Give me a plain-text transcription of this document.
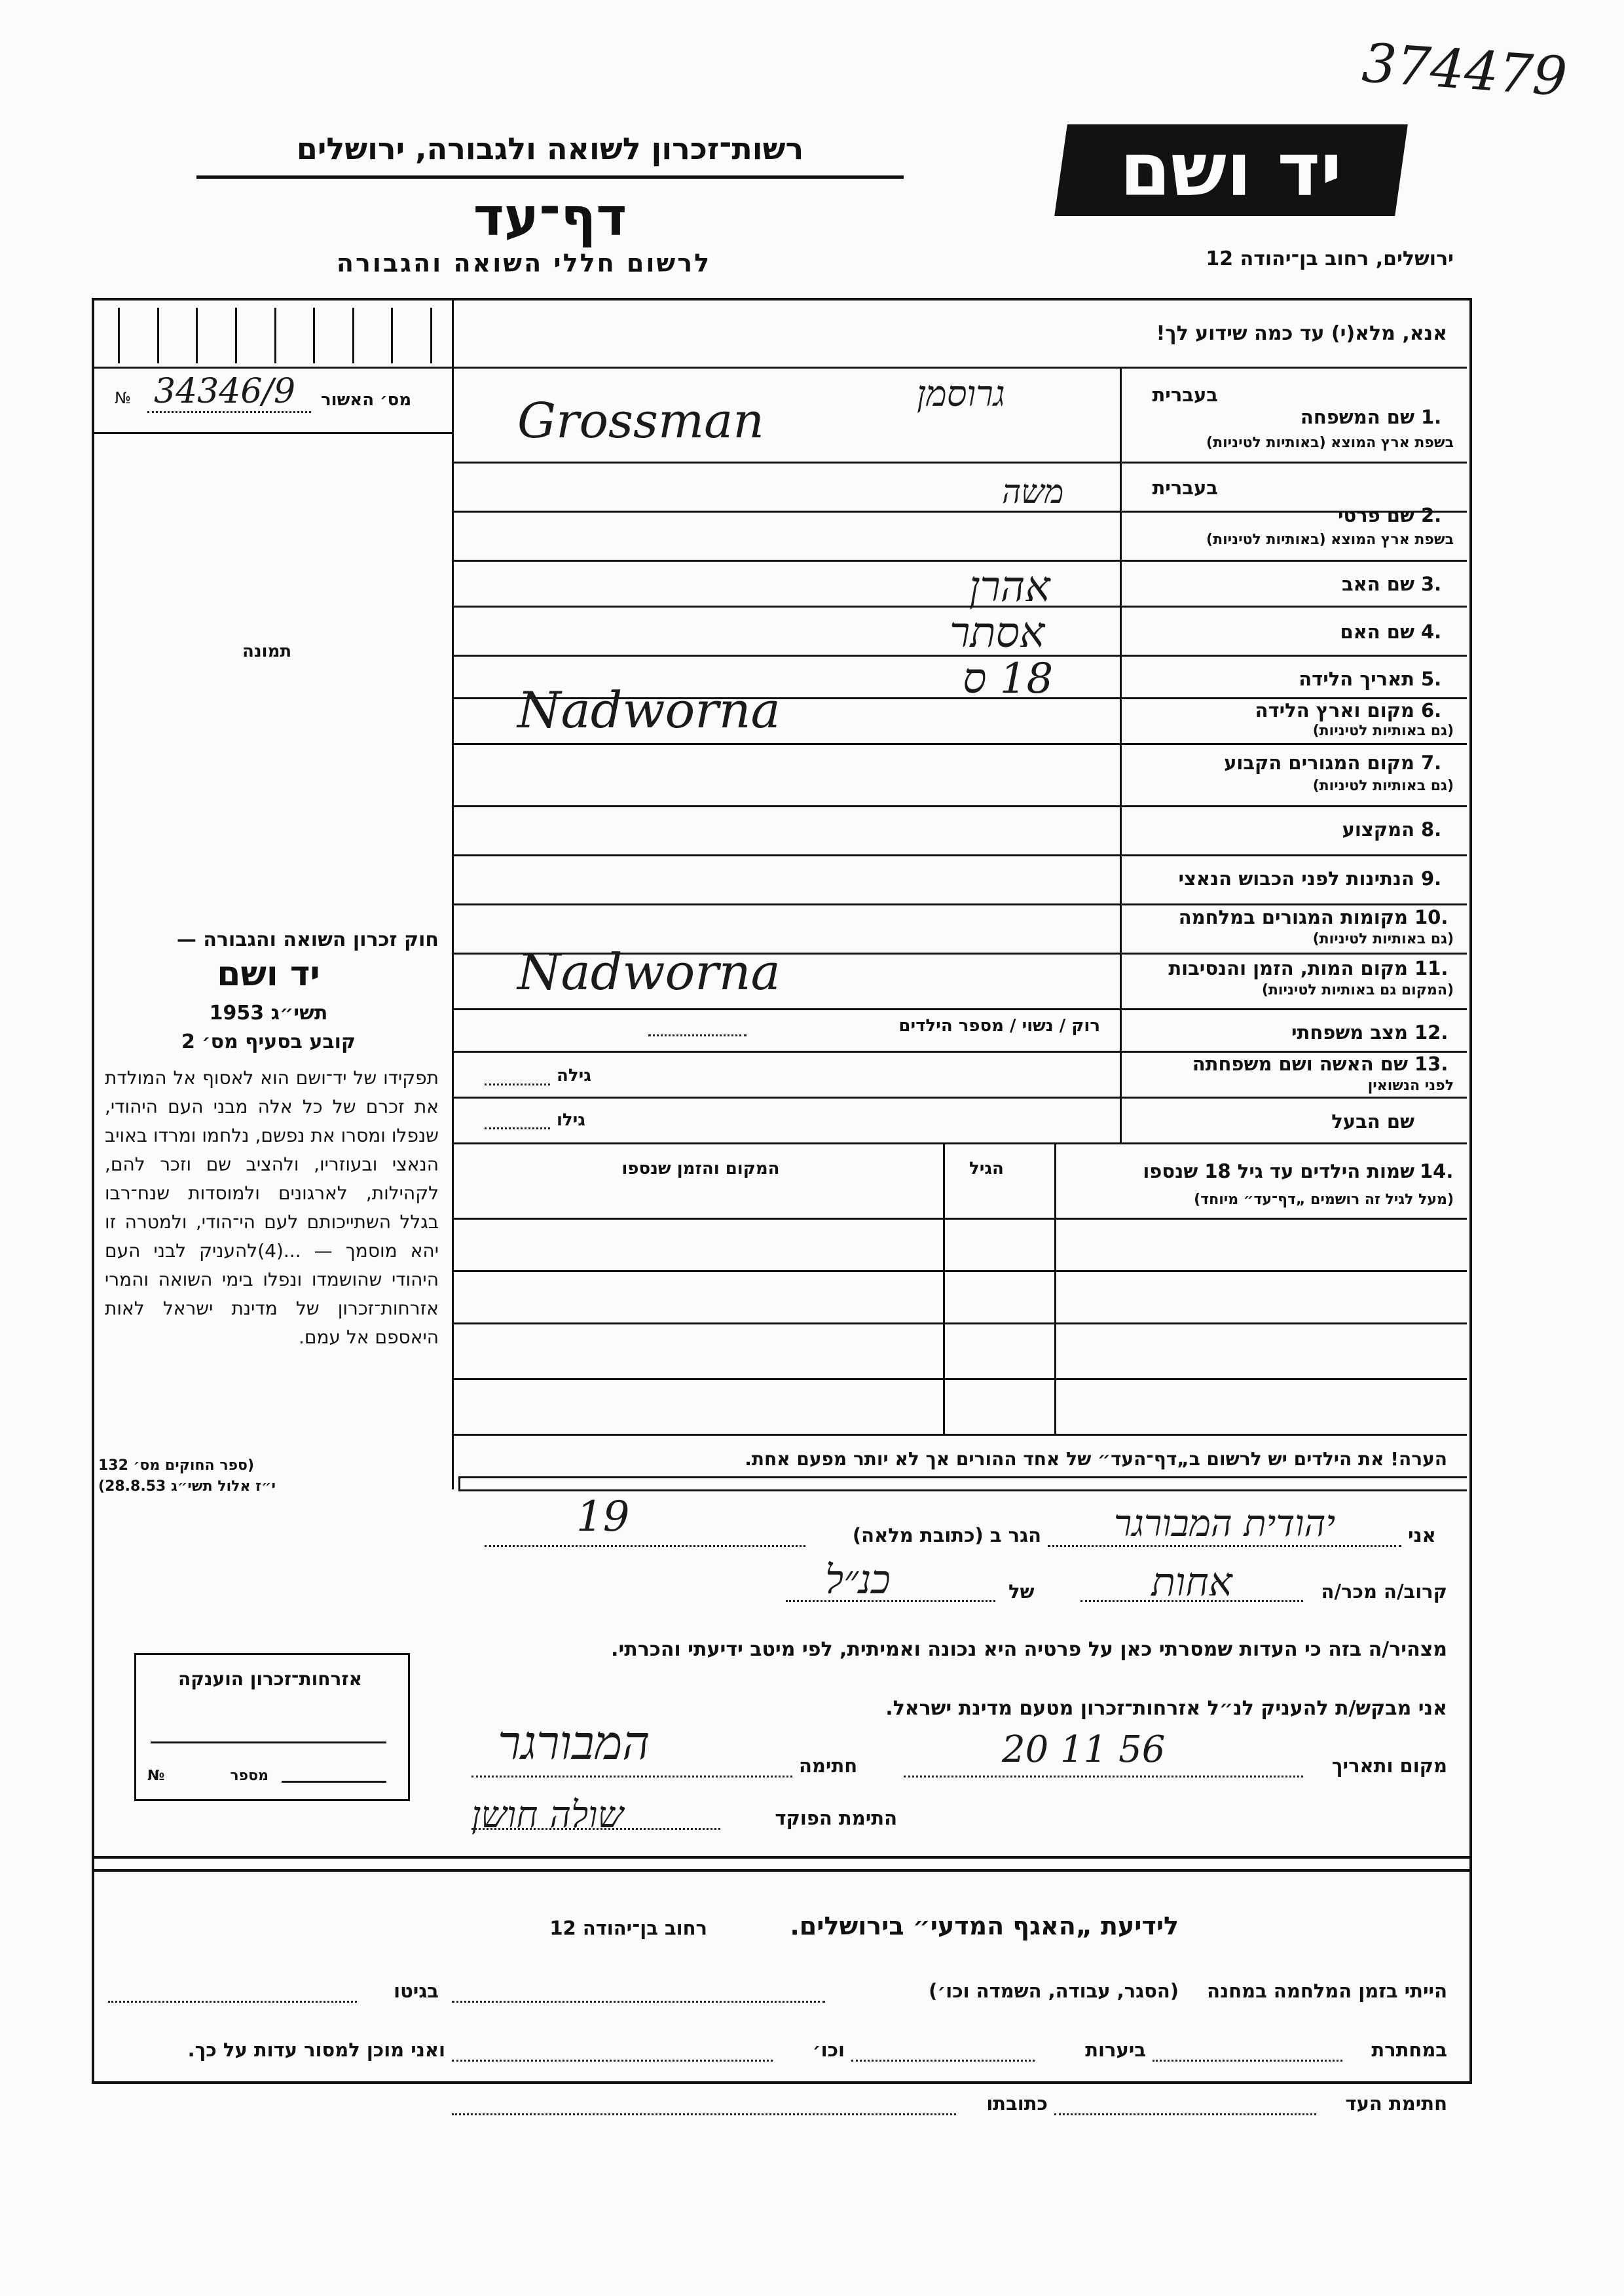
374479
יד ושם
רשות־זכרון לשואה ולגבורה, ירושלים
דף־עד
לרשום חללי השואה והגבורה	ירושלים, רחוב בן־יהודה 12
אנא, מלא(י) עד כמה שידוע לך!
№ 34346/9 מס׳ האשור
תמונה
בעברית
1.
שם המשפחה
בשפת ארץ המוצא (באותיות לטיניות)
גרוסמן
Grossman
בעברית
2.
שם פרטי
בשפת ארץ המוצא (באותיות לטיניות)
משה
3.
שם האב
אהרן
4.
שם האם
אסתר
5.
תאריך הלידה
18 ס
6.
מקום וארץ הלידה
(גם באותיות לטיניות)
Nadworna
7.
מקום המגורים הקבוע
(גם באותיות לטיניות)
8.
המקצוע
9.
הנתינות לפני הכבוש הנאצי
10.
מקומות המגורים במלחמה
(גם באותיות לטיניות)
11.
מקום המות, הזמן והנסיבות
(המקום גם באותיות לטיניות)
Nadworna
12.
מצב משפחתי
רוק / נשוי / מספר הילדים
13.
שם האשה ושם משפחתה
לפני הנשואין
גילה
שם הבעל
גילו
14.
שמות הילדים עד גיל 18 שנספו
(מעל לגיל זה רושמים „דף־עד״ מיוחד)
הגיל
המקום והזמן שנספו
חוק זכרון השואה והגבורה —
יד ושם
תשי״ג 1953
קובע בסעיף מס׳ 2
תפקידו של יד־ושם הוא לאסוף אל המולדת את זכרם של כל אלה מבני העם היהודי, שנפלו ומסרו את נפשם, נלחמו ומרדו באויב הנאצי ובעוזריו, ולהציב שם וזכר להם, לקהילות, לארגונים ולמוסדות שנח־רבו בגלל השתייכותם לעם הי־הודי, ולמטרה זו יהא מוסמך — ...(4)להעניק לבני העם היהודי שהושמדו ונפלו בימי השואה והמרי אזרחות־זכרון של מדינת ישראל לאות היאספם אל עמם.
(ספר החוקים מס׳ 132
י״ז אלול תשי״ג 28.8.53)
הערה! את הילדים יש לרשום ב„דף־העד״ של אחד ההורים אך לא יותר מפעם אחת.
אני
יהודית המבורגר
הגר ב (כתובת מלאה)
19
קרוב/ה מכר/ה
אחות
של
כנ״ל
מצהיר/ה בזה כי העדות שמסרתי כאן על פרטיה היא נכונה ואמיתית, לפי מיטב ידיעתי והכרתי.
אני מבקש/ת להעניק לנ״ל אזרחות־זכרון מטעם מדינת ישראל.
מקום ותאריך
20 11 56
חתימה
המבורגר
התימת הפוקד
שולה חושן
אזרחות־זכרון הוענקה
מספר
№
לידיעת „האגף המדעי״ בירושלים.
רחוב בן־יהודה 12
הייתי בזמן המלחמה במחנה
(הסגר, עבודה, השמדה וכו׳)
בגיטו
במחתרת
ביערות
וכו׳
ואני מוכן למסור עדות על כך.
חתימת העד
כתובתו
